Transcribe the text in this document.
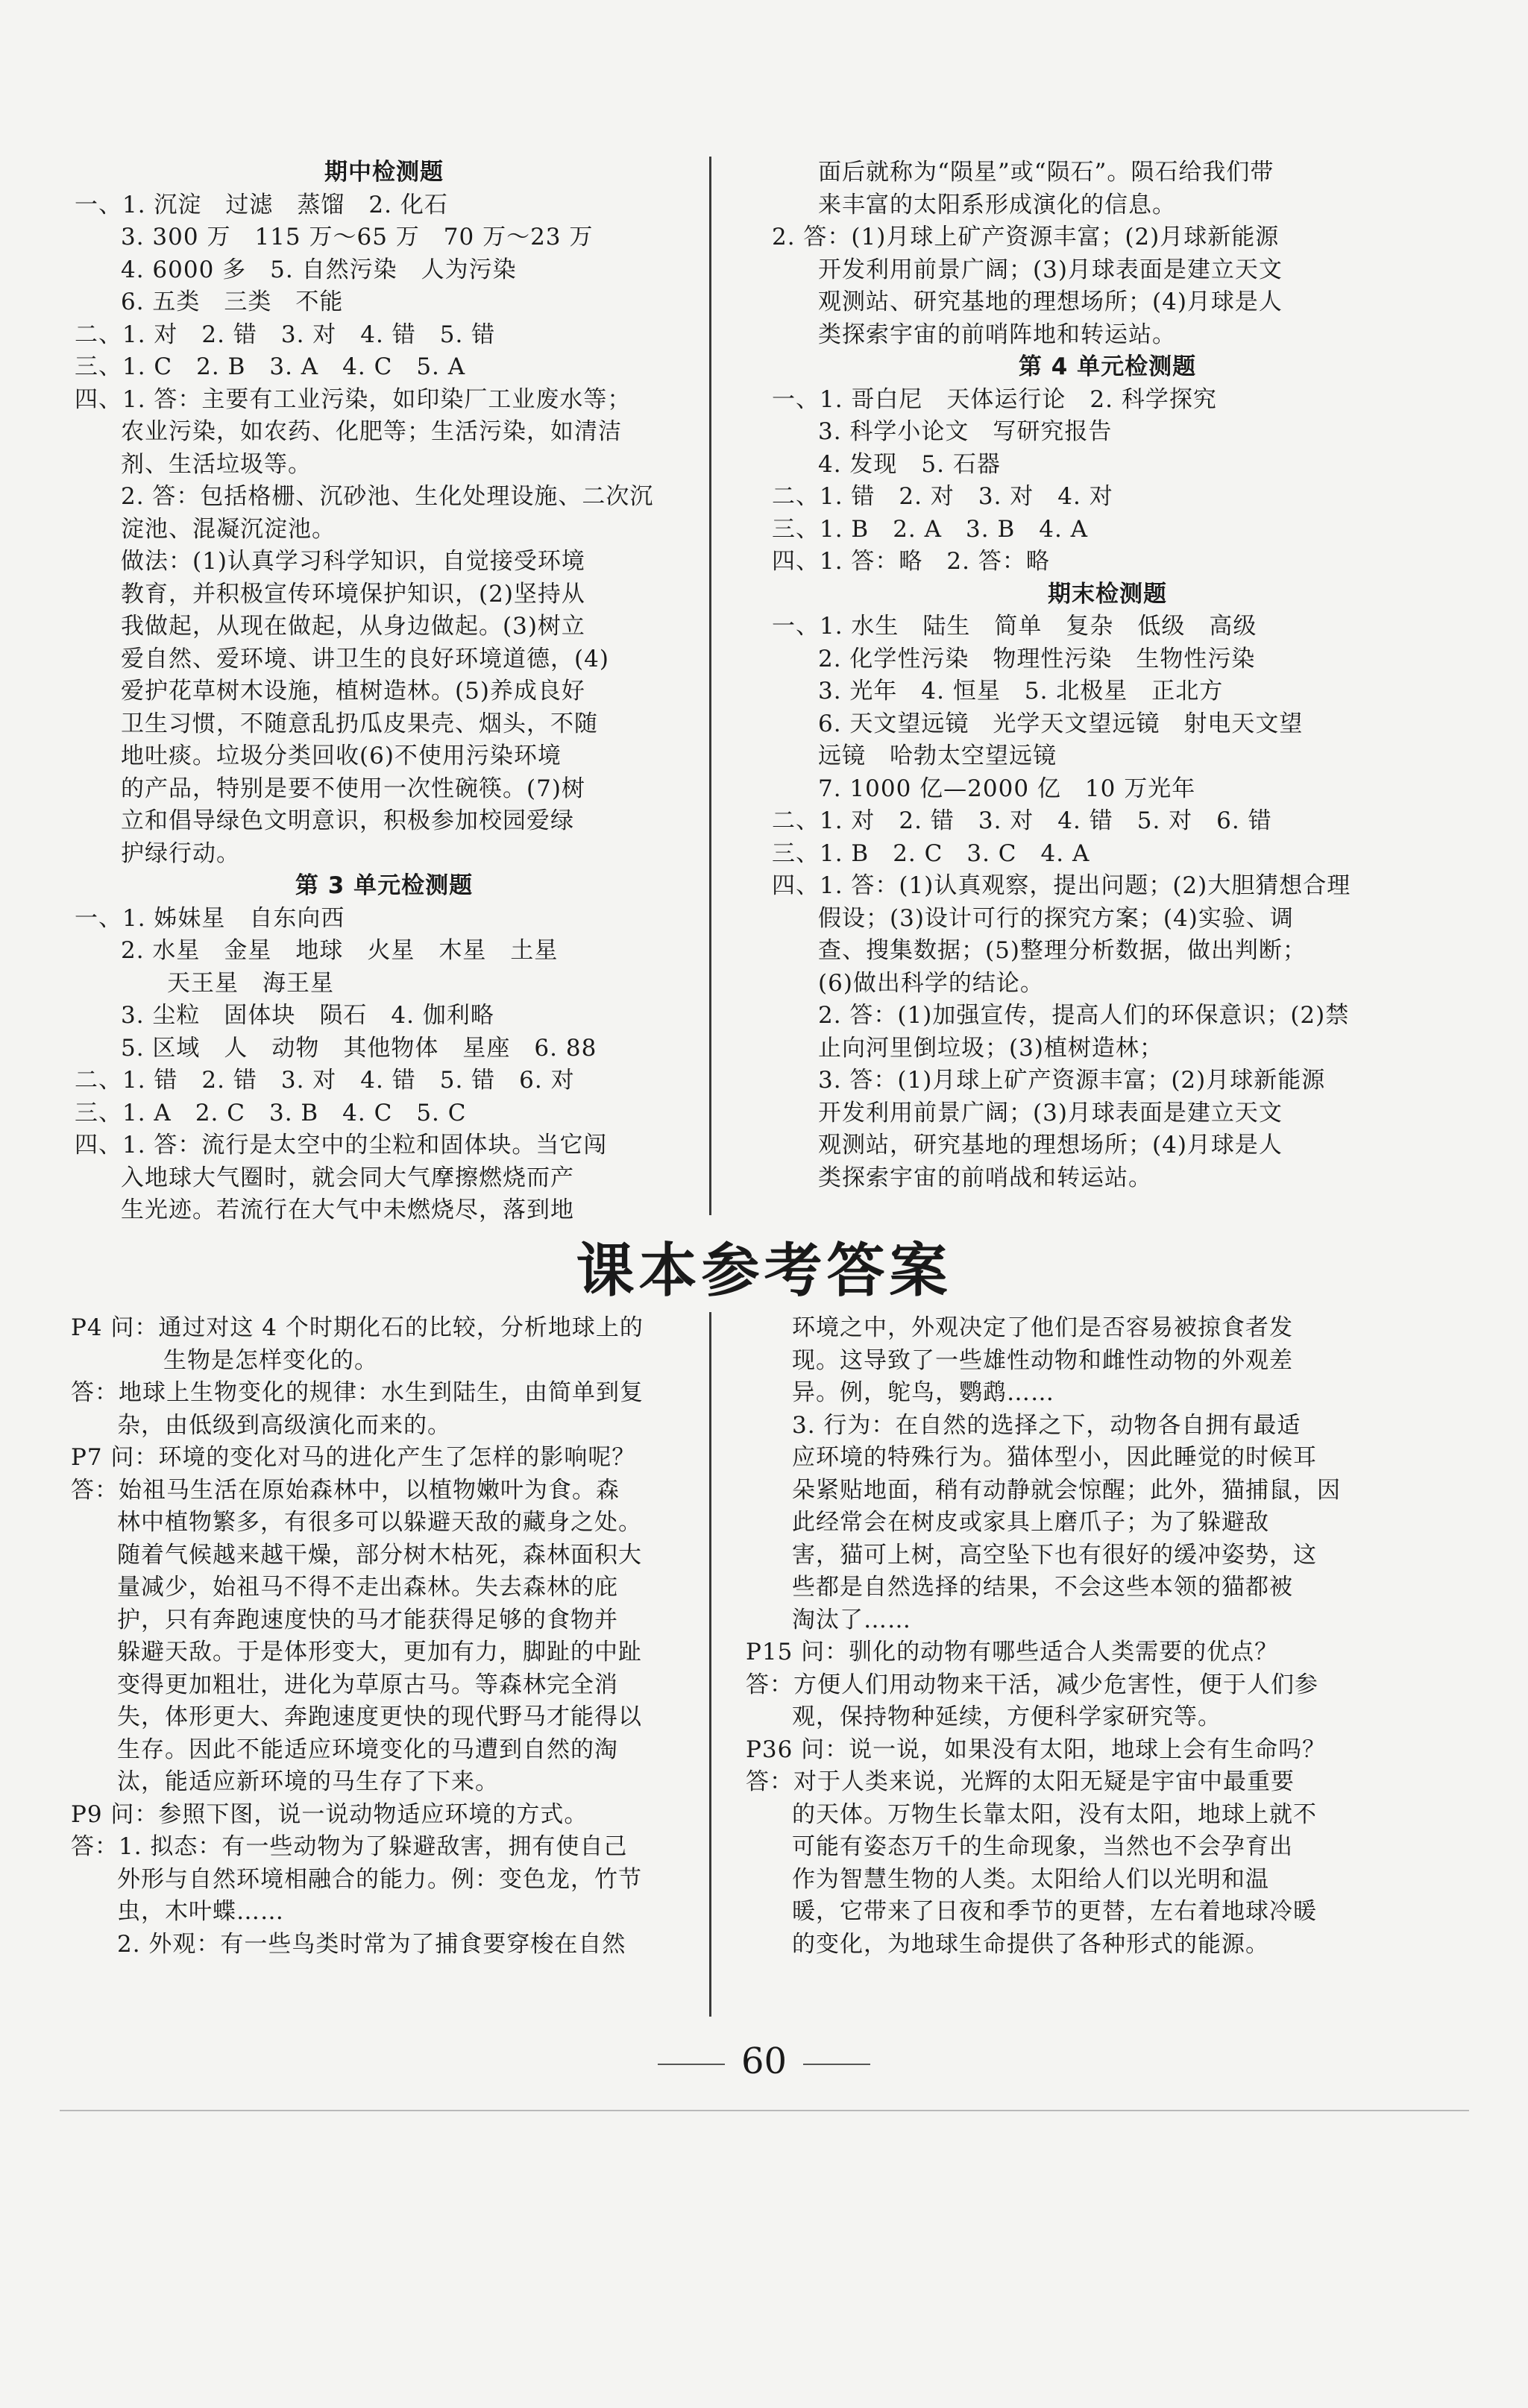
期中检测题
一、1. 沉淀　过滤　蒸馏　2. 化石
3. 300 万　115 万～65 万　70 万～23 万
4. 6000 多　5. 自然污染　人为污染
6. 五类　三类　不能
二、1. 对　2. 错　3. 对　4. 错　5. 错
三、1. C　2. B　3. A　4. C　5. A
四、1. 答：主要有工业污染，如印染厂工业废水等；
农业污染，如农药、化肥等；生活污染，如清洁
剂、生活垃圾等。
2. 答：包括格栅、沉砂池、生化处理设施、二次沉
淀池、混凝沉淀池。
做法：(1)认真学习科学知识，自觉接受环境
教育，并积极宣传环境保护知识，(2)坚持从
我做起，从现在做起，从身边做起。(3)树立
爱自然、爱环境、讲卫生的良好环境道德，(4)
爱护花草树木设施，植树造林。(5)养成良好
卫生习惯，不随意乱扔瓜皮果壳、烟头，不随
地吐痰。垃圾分类回收(6)不使用污染环境
的产品，特别是要不使用一次性碗筷。(7)树
立和倡导绿色文明意识，积极参加校园爱绿
护绿行动。
第 3 单元检测题
一、1. 姊妹星　自东向西
2. 水星　金星　地球　火星　木星　土星
天王星　海王星
3. 尘粒　固体块　陨石　4. 伽利略
5. 区域　人　动物　其他物体　星座　6. 88
二、1. 错　2. 错　3. 对　4. 错　5. 错　6. 对
三、1. A　2. C　3. B　4. C　5. C
四、1. 答：流行是太空中的尘粒和固体块。当它闯
入地球大气圈时，就会同大气摩擦燃烧而产
生光迹。若流行在大气中未燃烧尽，落到地
面后就称为“陨星”或“陨石”。陨石给我们带
来丰富的太阳系形成演化的信息。
2. 答：(1)月球上矿产资源丰富；(2)月球新能源
开发利用前景广阔；(3)月球表面是建立天文
观测站、研究基地的理想场所；(4)月球是人
类探索宇宙的前哨阵地和转运站。
第 4 单元检测题
一、1. 哥白尼　天体运行论　2. 科学探究
3. 科学小论文　写研究报告
4. 发现　5. 石器
二、1. 错　2. 对　3. 对　4. 对
三、1. B　2. A　3. B　4. A
四、1. 答：略　2. 答：略
期末检测题
一、1. 水生　陆生　简单　复杂　低级　高级
2. 化学性污染　物理性污染　生物性污染
3. 光年　4. 恒星　5. 北极星　正北方
6. 天文望远镜　光学天文望远镜　射电天文望
远镜　哈勃太空望远镜
7. 1000 亿—2000 亿　10 万光年
二、1. 对　2. 错　3. 对　4. 错　5. 对　6. 错
三、1. B　2. C　3. C　4. A
四、1. 答：(1)认真观察，提出问题；(2)大胆猜想合理
假设；(3)设计可行的探究方案；(4)实验、调
查、搜集数据；(5)整理分析数据，做出判断；
(6)做出科学的结论。
2. 答：(1)加强宣传，提高人们的环保意识；(2)禁
止向河里倒垃圾；(3)植树造林；
3. 答：(1)月球上矿产资源丰富；(2)月球新能源
开发利用前景广阔；(3)月球表面是建立天文
观测站，研究基地的理想场所；(4)月球是人
类探索宇宙的前哨战和转运站。
课本参考答案
P4 问：通过对这 4 个时期化石的比较，分析地球上的
生物是怎样变化的。
答：地球上生物变化的规律：水生到陆生，由简单到复
杂，由低级到高级演化而来的。
P7 问：环境的变化对马的进化产生了怎样的影响呢？
答：始祖马生活在原始森林中，以植物嫩叶为食。森
林中植物繁多，有很多可以躲避天敌的藏身之处。
随着气候越来越干燥，部分树木枯死，森林面积大
量减少，始祖马不得不走出森林。失去森林的庇
护，只有奔跑速度快的马才能获得足够的食物并
躲避天敌。于是体形变大，更加有力，脚趾的中趾
变得更加粗壮，进化为草原古马。等森林完全消
失，体形更大、奔跑速度更快的现代野马才能得以
生存。因此不能适应环境变化的马遭到自然的淘
汰，能适应新环境的马生存了下来。
P9 问：参照下图，说一说动物适应环境的方式。
答：1. 拟态：有一些动物为了躲避敌害，拥有使自己
外形与自然环境相融合的能力。例：变色龙，竹节
虫，木叶蝶……
2. 外观：有一些鸟类时常为了捕食要穿梭在自然
环境之中，外观决定了他们是否容易被掠食者发
现。这导致了一些雄性动物和雌性动物的外观差
异。例，鸵鸟，鹦鹉……
3. 行为：在自然的选择之下，动物各自拥有最适
应环境的特殊行为。猫体型小，因此睡觉的时候耳
朵紧贴地面，稍有动静就会惊醒；此外，猫捕鼠，因
此经常会在树皮或家具上磨爪子；为了躲避敌
害，猫可上树，高空坠下也有很好的缓冲姿势，这
些都是自然选择的结果，不会这些本领的猫都被
淘汰了……
P15 问：驯化的动物有哪些适合人类需要的优点？
答：方便人们用动物来干活，减少危害性，便于人们参
观，保持物种延续，方便科学家研究等。
P36 问：说一说，如果没有太阳，地球上会有生命吗？
答：对于人类来说，光辉的太阳无疑是宇宙中最重要
的天体。万物生长靠太阳，没有太阳，地球上就不
可能有姿态万千的生命现象，当然也不会孕育出
作为智慧生物的人类。太阳给人们以光明和温
暖，它带来了日夜和季节的更替，左右着地球冷暖
的变化，为地球生命提供了各种形式的能源。
60
